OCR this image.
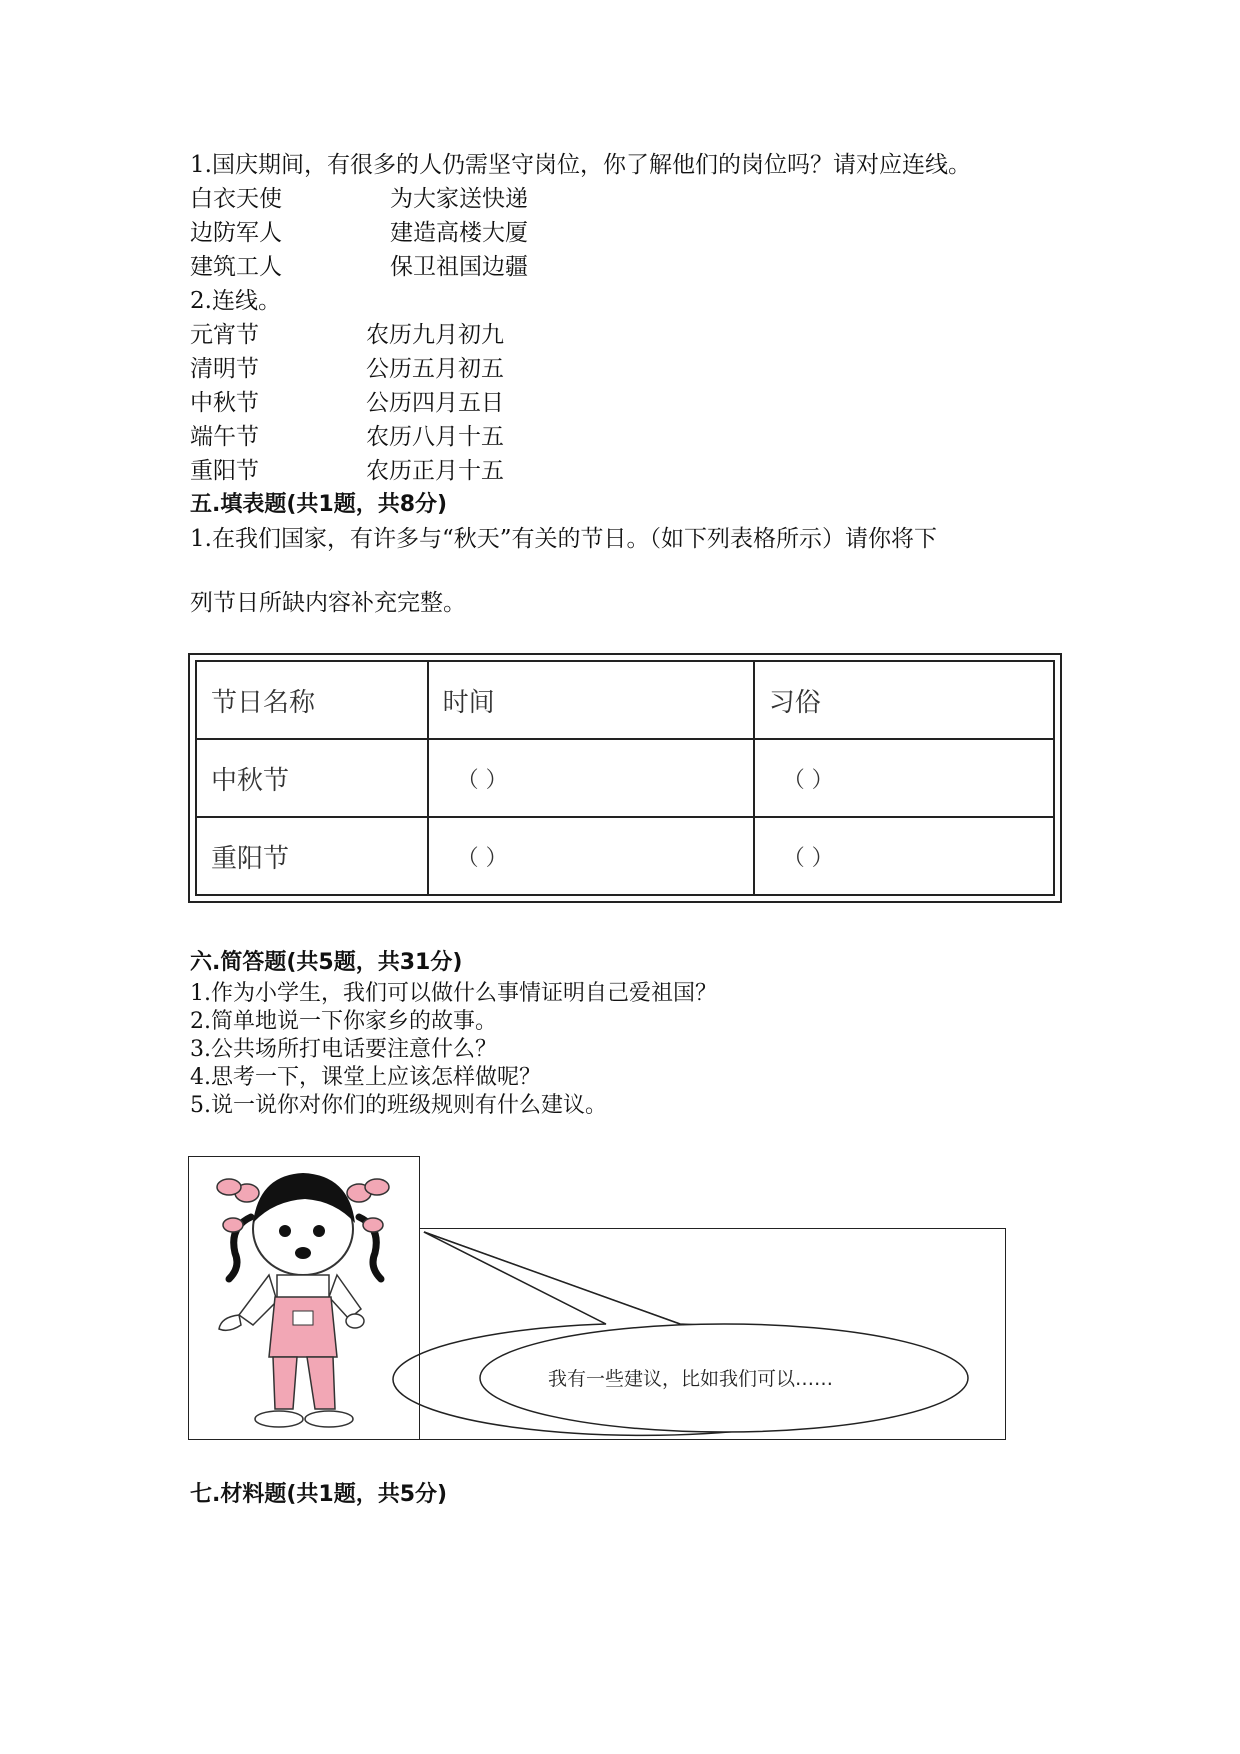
1.国庆期间，有很多的人仍需坚守岗位，你了解他们的岗位吗？请对应连线。
白衣天使	为大家送快递
边防军人	建造高楼大厦
建筑工人	保卫祖国边疆
2.连线。
元宵节	农历九月初九
清明节	公历五月初五
中秋节	公历四月五日
端午节	农历八月十五
重阳节	农历正月十五
五.填表题(共1题，共8分)
1.在我们国家，有许多与“秋天”有关的节日。（如下列表格所示）请你将下
列节日所缺内容补充完整。
节日名称	时间	习俗
中秋节	（ ）	（ ）
重阳节	（ ）	（ ）
六.简答题(共5题，共31分)
1.作为小学生，我们可以做什么事情证明自己爱祖国？
2.简单地说一下你家乡的故事。
3.公共场所打电话要注意什么？
4.思考一下，课堂上应该怎样做呢？
5.说一说你对你们的班级规则有什么建议。
我有一些建议，比如我们可以……
七.材料题(共1题，共5分)
